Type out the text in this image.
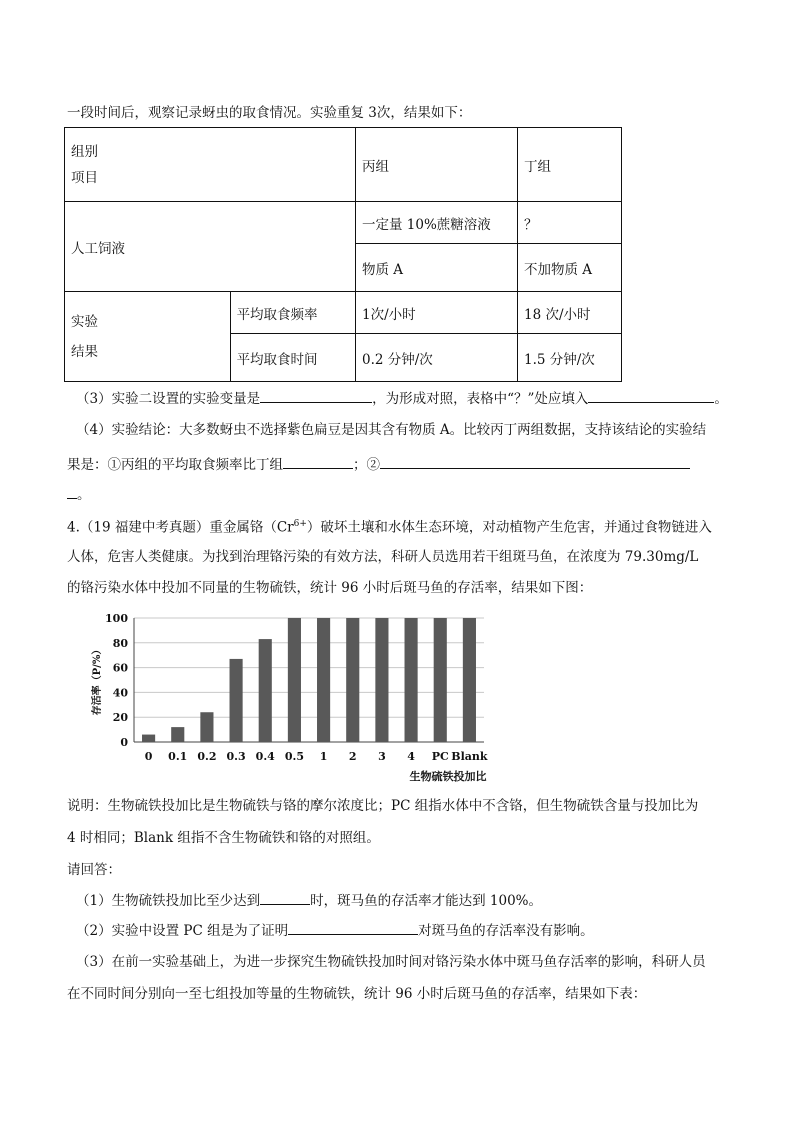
一段时间后，观察记录蚜虫的取食情况。实验重复 3次，结果如下：
组别
项目		丙组	丁组
人工饲液		一定量 10%蔗糖溶液	？
		物质 A	不加物质 A

实验
结果	平均取食频率	1次/小时	18 次/小时
	平均取食时间	0.2 分钟/次	1.5 分钟/次
（3）实验二设置的实验变量是	，为形成对照，表格中“？”处应填入	。
（4）实验结论：大多数蚜虫不选择紫色扁豆是因其含有物质 A。比较丙丁两组数据，支持该结论的实验结
果是：①丙组的平均取食频率比丁组	；②
。
4.（19 福建中考真题）重金属铬$(Cr^{6+})$破坏土壤和水体生态环境，对动植物产生危害，并通过食物链进入
人体，危害人类健康。为找到治理铬污染的有效方法，科研人员选用若干组斑马鱼，在浓度为 79.30mg/L
的铬污染水体中投加不同量的生物硫铁，统计 96 小时后斑马鱼的存活率，结果如下图：
0
20
40
60
80
100
0 0.1 0.2 0.3 0.4 0.5 1 2 3 4 PC Blank
生物硫铁投加比
存活率（P/%）
说明：生物硫铁投加比是生物硫铁与铬的摩尔浓度比；PC 组指水体中不含铬，但生物硫铁含量与投加比为
4 时相同；Blank 组指不含生物硫铁和铬的对照组。
请回答：
（1）生物硫铁投加比至少达到	时，斑马鱼的存活率才能达到 100%。
（2）实验中设置 PC 组是为了证明	对斑马鱼的存活率没有影响。
（3）在前一实验基础上，为进一步探究生物硫铁投加时间对铬污染水体中斑马鱼存活率的影响，科研人员
在不同时间分别向一至七组投加等量的生物硫铁，统计 96 小时后斑马鱼的存活率，结果如下表：
